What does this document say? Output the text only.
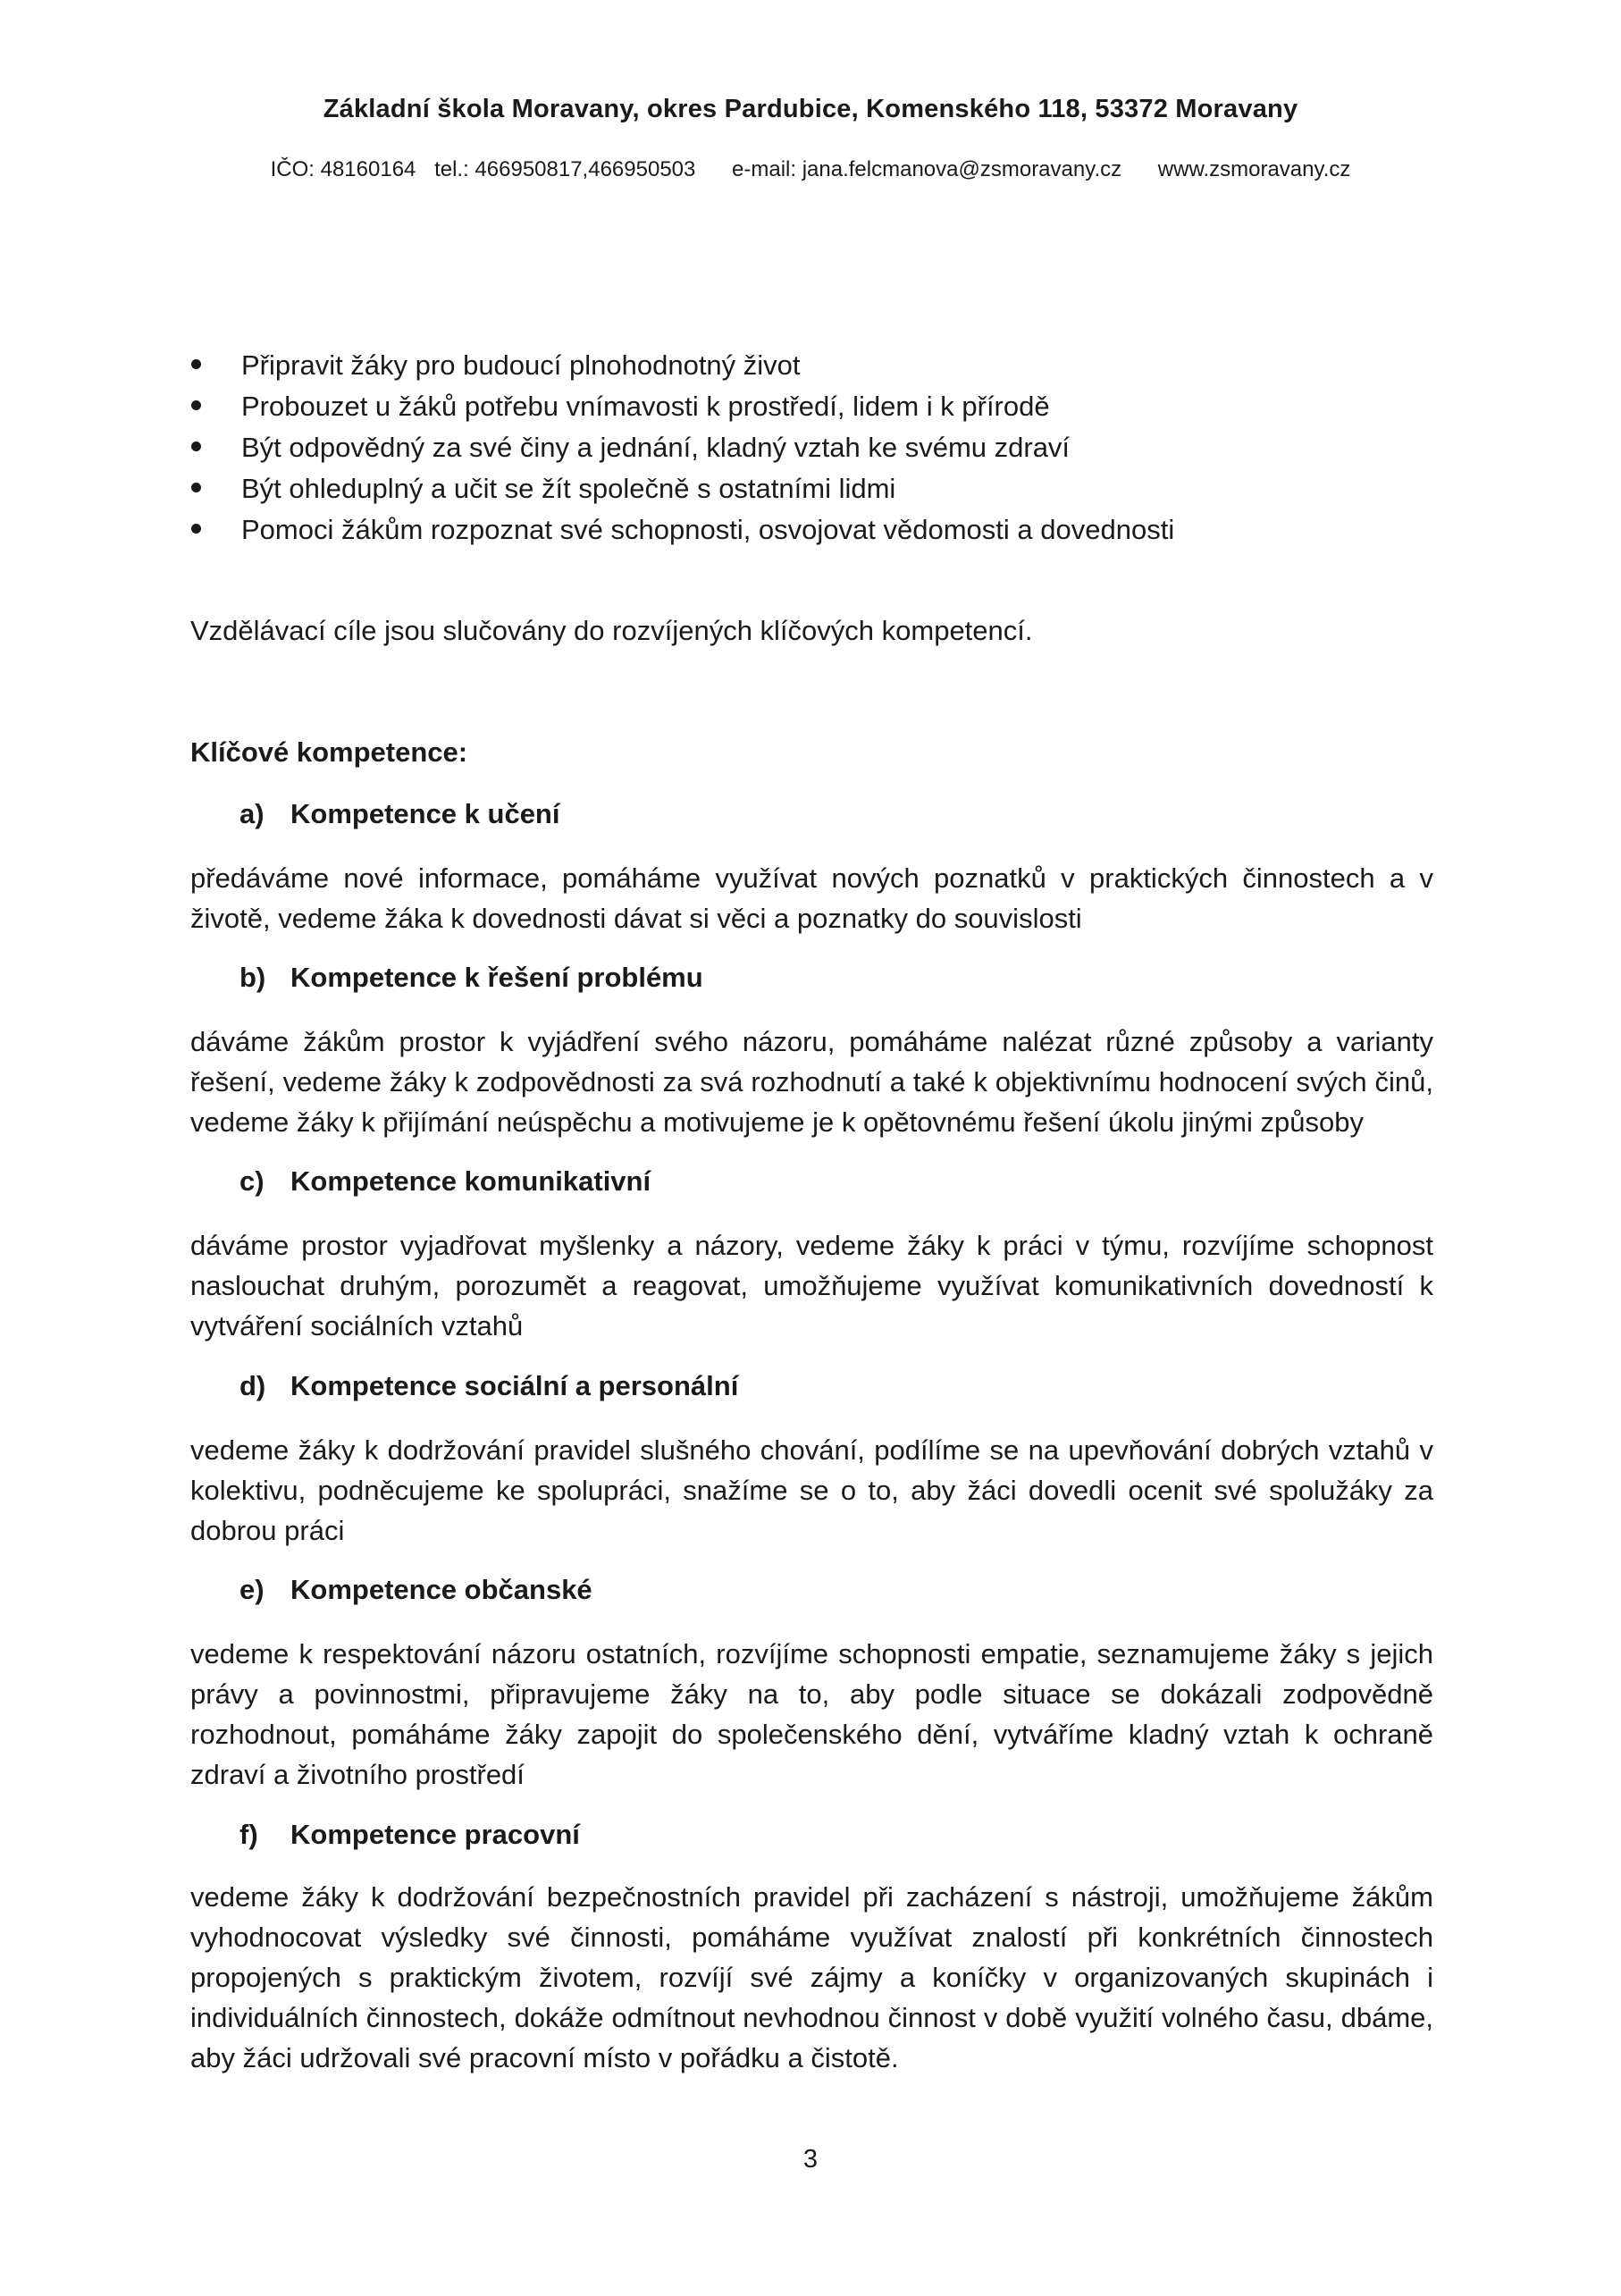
Základní škola Moravany, okres Pardubice, Komenského 118, 53372 Moravany
IČO: 48160164 tel.: 466950817,466950503 e-mail: jana.felcmanova@zsmoravany.cz www.zsmoravany.cz
Připravit žáky pro budoucí plnohodnotný život
Probouzet u žáků potřebu vnímavosti k prostředí, lidem i k přírodě
Být odpovědný za své činy a jednání, kladný vztah ke svému zdraví
Být ohleduplný a učit se žít společně s ostatními lidmi
Pomoci žákům rozpoznat své schopnosti, osvojovat vědomosti a dovednosti
Vzdělávací cíle jsou slučovány do rozvíjených klíčových kompetencí.
Klíčové kompetence:
a) Kompetence k učení
předáváme nové informace, pomáháme využívat nových poznatků v praktických činnostech a v životě, vedeme žáka k dovednosti dávat si věci a poznatky do souvislosti
b) Kompetence k řešení problému
dáváme žákům prostor k vyjádření svého názoru, pomáháme nalézat různé způsoby a varianty řešení, vedeme žáky k zodpovědnosti za svá rozhodnutí a také k objektivnímu hodnocení svých činů, vedeme žáky k přijímání neúspěchu a motivujeme je k opětovnému řešení úkolu jinými způsoby
c) Kompetence komunikativní
dáváme prostor vyjadřovat myšlenky a názory, vedeme žáky k práci v týmu, rozvíjíme schopnost naslouchat druhým, porozumět a reagovat, umožňujeme využívat komunikativních dovedností k vytváření sociálních vztahů
d) Kompetence sociální a personální
vedeme žáky k dodržování pravidel slušného chování, podílíme se na upevňování dobrých vztahů v kolektivu, podněcujeme ke spolupráci, snažíme se o to, aby žáci dovedli ocenit své spolužáky za dobrou práci
e) Kompetence občanské
vedeme k respektování názoru ostatních, rozvíjíme schopnosti empatie, seznamujeme žáky s jejich právy a povinnostmi, připravujeme žáky na to, aby podle situace se dokázali zodpovědně rozhodnout, pomáháme žáky zapojit do společenského dění, vytváříme kladný vztah k ochraně zdraví a životního prostředí
f) Kompetence pracovní
vedeme žáky k dodržování bezpečnostních pravidel při zacházení s nástroji, umožňujeme žákům vyhodnocovat výsledky své činnosti, pomáháme využívat znalostí při konkrétních činnostech propojených s praktickým životem, rozvíjí své zájmy a koníčky v organizovaných skupinách i individuálních činnostech, dokáže odmítnout nevhodnou činnost v době využití volného času, dbáme, aby žáci udržovali své pracovní místo v pořádku a čistotě.
3
